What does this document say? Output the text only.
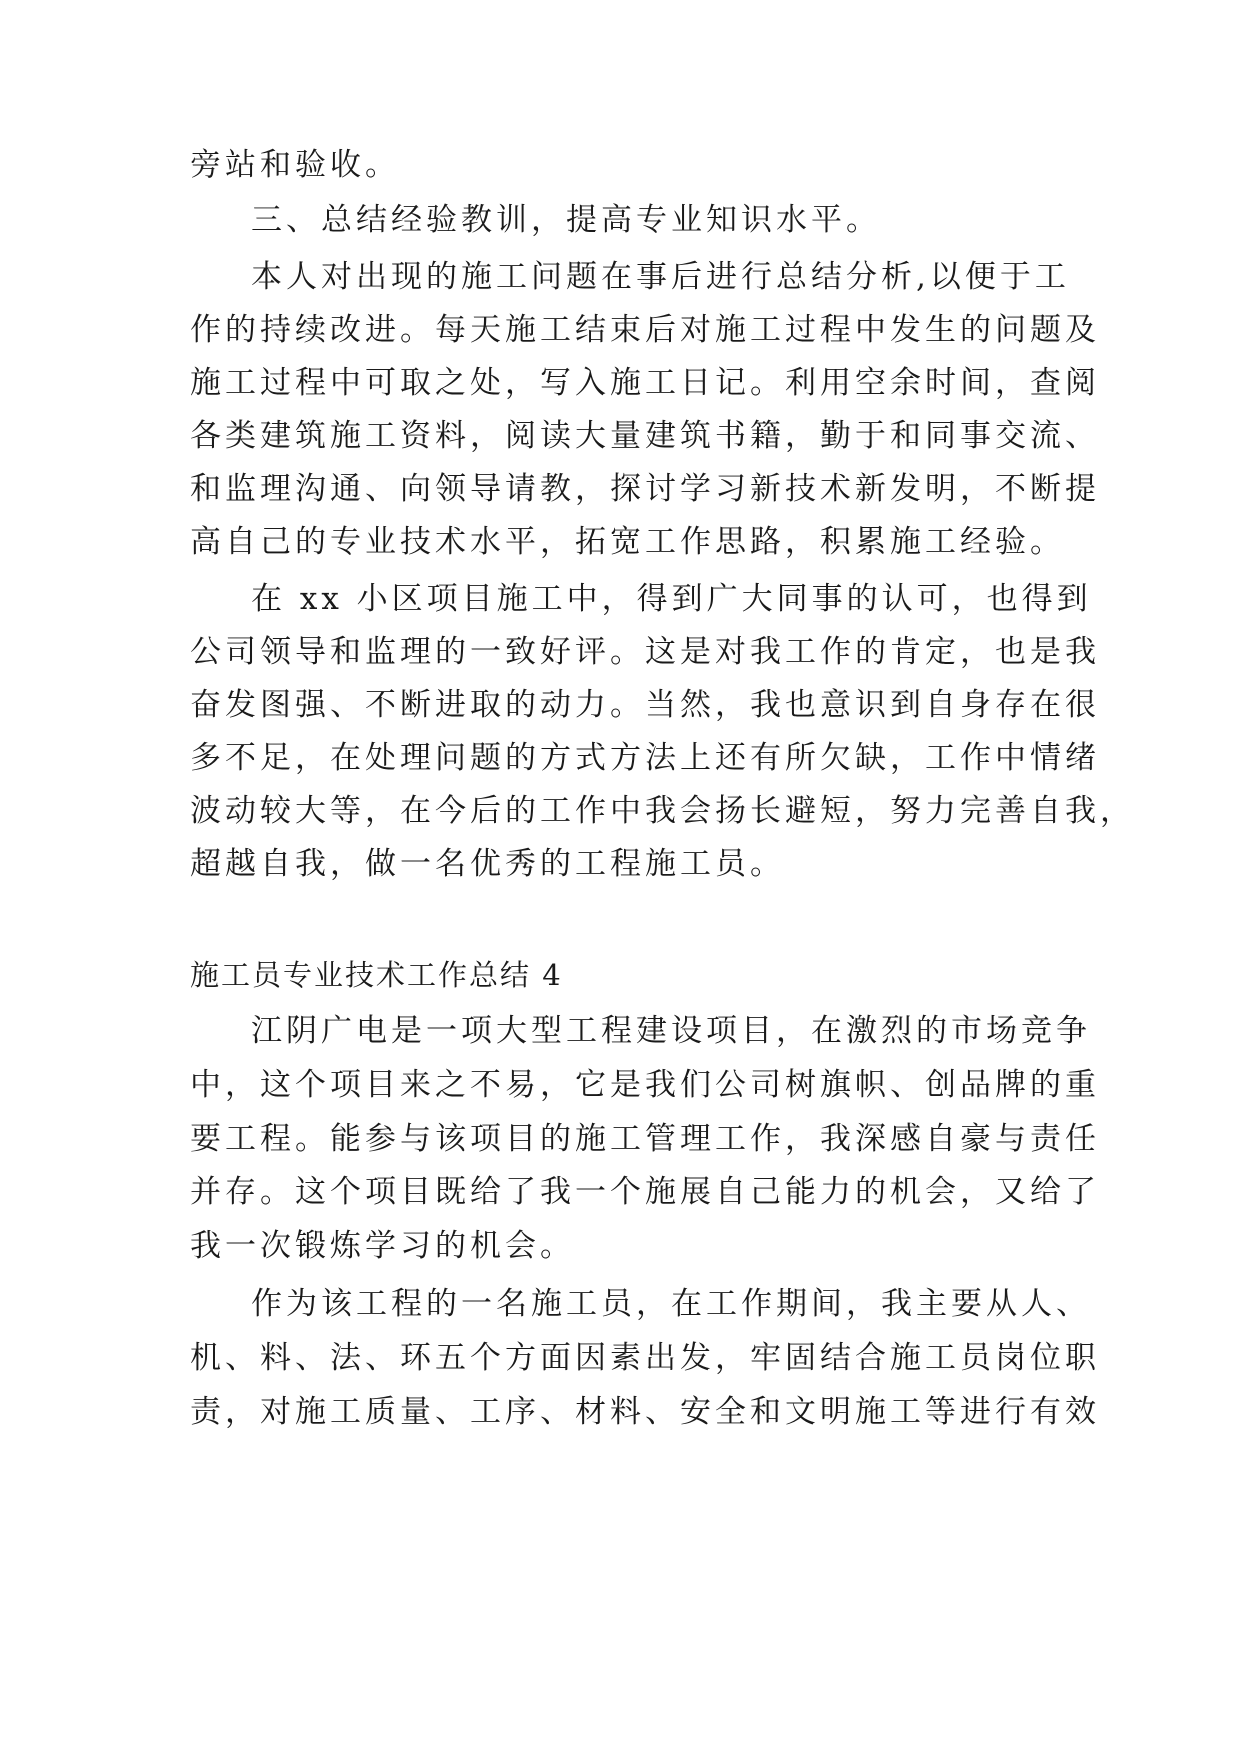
旁站和验收。
三、总结经验教训，提高专业知识水平。
本人对出现的施工问题在事后进行总结分析,以便于工
作的持续改进。每天施工结束后对施工过程中发生的问题及
施工过程中可取之处，写入施工日记。利用空余时间，查阅
各类建筑施工资料，阅读大量建筑书籍，勤于和同事交流、
和监理沟通、向领导请教，探讨学习新技术新发明，不断提
高自己的专业技术水平，拓宽工作思路，积累施工经验。
在 xx 小区项目施工中，得到广大同事的认可，也得到
公司领导和监理的一致好评。这是对我工作的肯定，也是我
奋发图强、不断进取的动力。当然，我也意识到自身存在很
多不足，在处理问题的方式方法上还有所欠缺，工作中情绪
波动较大等，在今后的工作中我会扬长避短，努力完善自我，
超越自我，做一名优秀的工程施工员。
施工员专业技术工作总结 4
江阴广电是一项大型工程建设项目，在激烈的市场竞争
中，这个项目来之不易，它是我们公司树旗帜、创品牌的重
要工程。能参与该项目的施工管理工作，我深感自豪与责任
并存。这个项目既给了我一个施展自己能力的机会，又给了
我一次锻炼学习的机会。
作为该工程的一名施工员，在工作期间，我主要从人、
机、料、法、环五个方面因素出发，牢固结合施工员岗位职
责，对施工质量、工序、材料、安全和文明施工等进行有效
